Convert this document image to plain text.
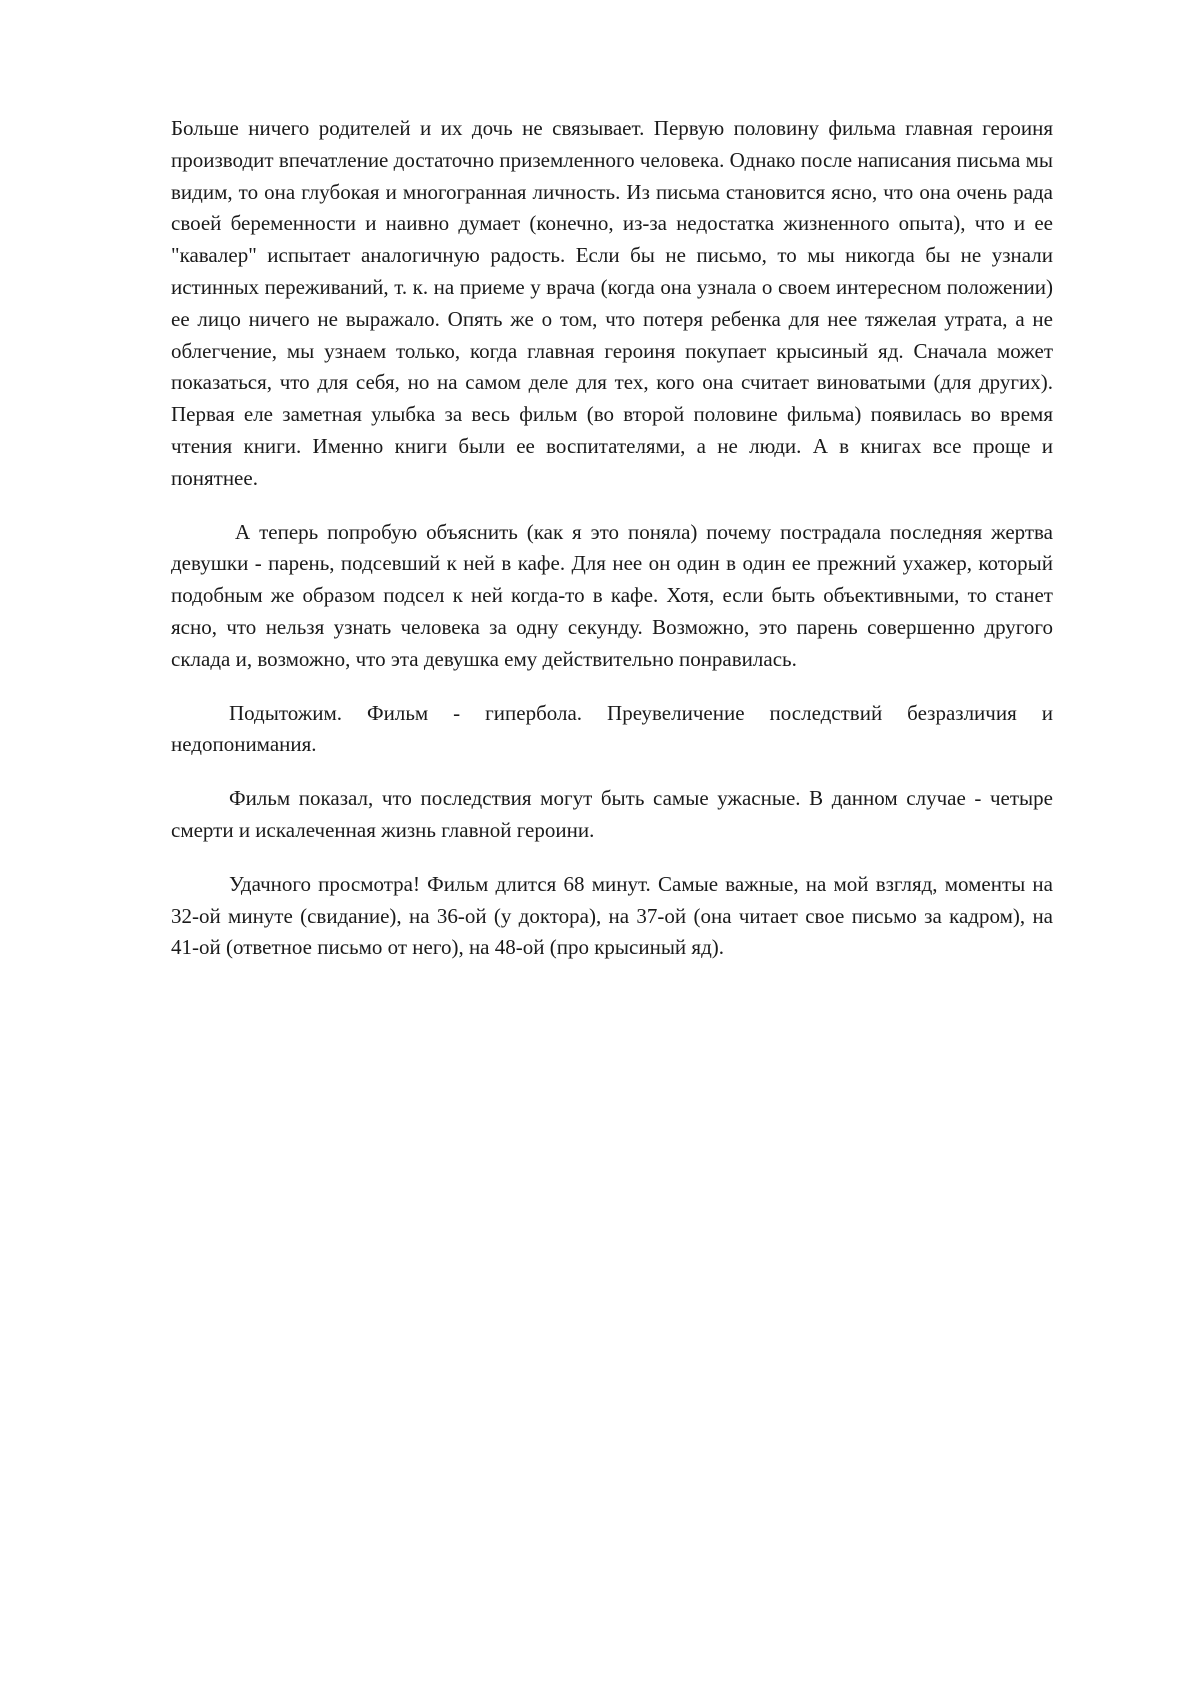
Больше ничего родителей и их дочь не связывает. Первую половину фильма главная героиня производит впечатление достаточно приземленного человека. Однако после написания письма мы видим, то она глубокая и многогранная личность. Из письма становится ясно, что она очень рада своей беременности и наивно думает (конечно, из-за недостатка жизненного опыта), что и ее "кавалер" испытает аналогичную радость. Если бы не письмо, то мы никогда бы не узнали истинных переживаний, т. к. на приеме у врача (когда она узнала о своем интересном положении) ее лицо ничего не выражало. Опять же о том, что потеря ребенка для нее тяжелая утрата, а не облегчение, мы узнаем только, когда главная героиня покупает крысиный яд. Сначала может показаться, что для себя, но на самом деле для тех, кого она считает виноватыми (для других). Первая еле заметная улыбка за весь фильм (во второй половине фильма) появилась во время чтения книги. Именно книги были ее воспитателями, а не люди. А в книгах все проще и понятнее.

А теперь попробую объяснить (как я это поняла) почему пострадала последняя жертва девушки - парень, подсевший к ней в кафе. Для нее он один в один ее прежний ухажер, который подобным же образом подсел к ней когда-то в кафе. Хотя, если быть объективными, то станет ясно, что нельзя узнать человека за одну секунду. Возможно, это парень совершенно другого склада и, возможно, что эта девушка ему действительно понравилась.

Подытожим. Фильм - гипербола. Преувеличение последствий безразличия и недопонимания.

Фильм показал, что последствия могут быть самые ужасные. В данном случае - четыре смерти и искалеченная жизнь главной героини.

Удачного просмотра! Фильм длится 68 минут. Самые важные, на мой взгляд, моменты на 32-ой минуте (свидание), на 36-ой (у доктора), на 37-ой (она читает свое письмо за кадром), на 41-ой (ответное письмо от него), на 48-ой (про крысиный яд).
